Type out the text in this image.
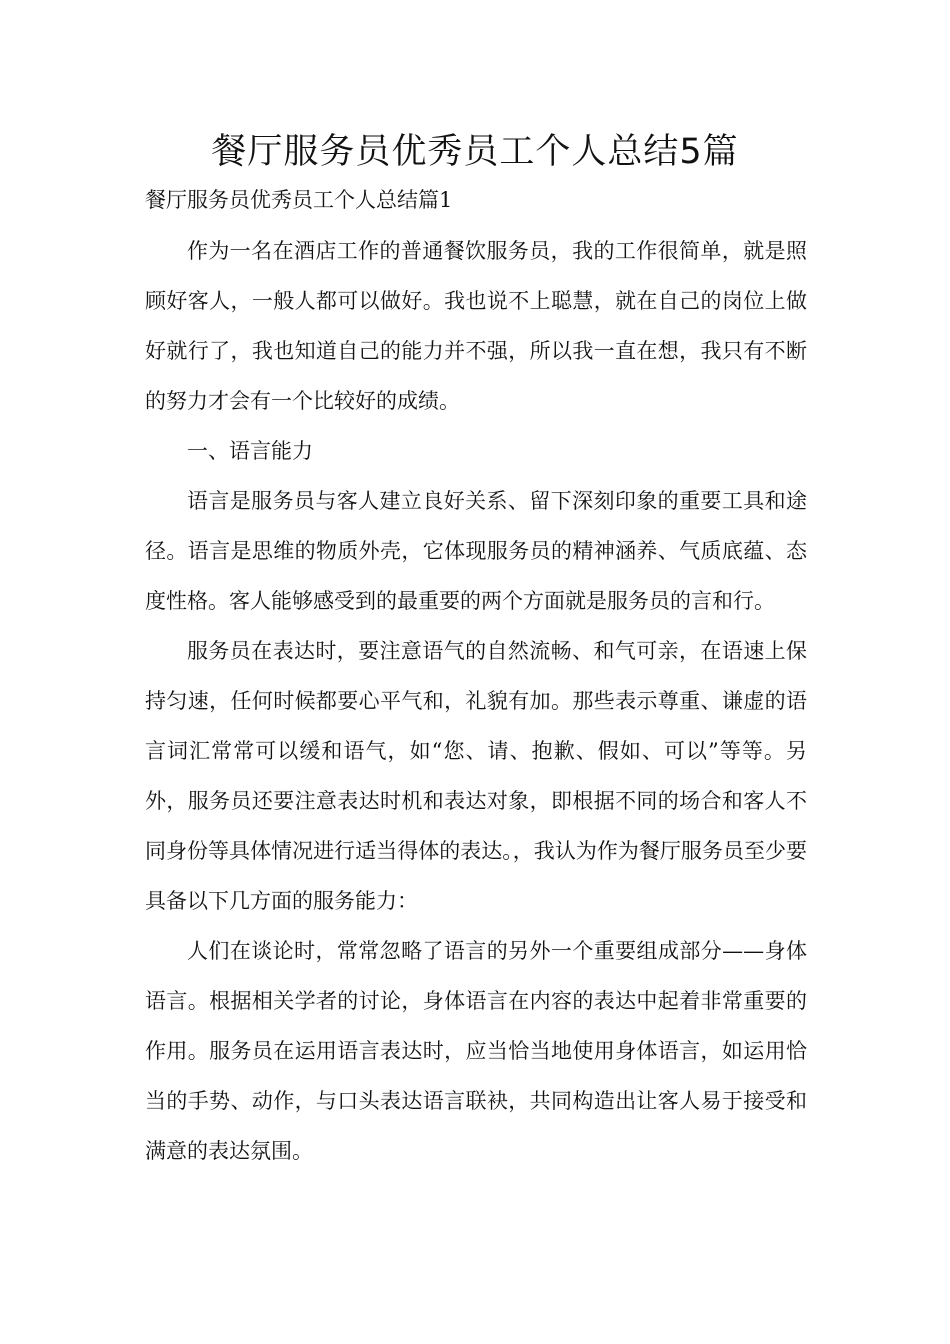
餐厅服务员优秀员工个人总结5篇
餐厅服务员优秀员工个人总结篇1

作为一名在酒店工作的普通餐饮服务员，我的工作很简单，就是照顾好客人，一般人都可以做好。我也说不上聪慧，就在自己的岗位上做好就行了，我也知道自己的能力并不强，所以我一直在想，我只有不断的努力才会有一个比较好的成绩。

一、语言能力

语言是服务员与客人建立良好关系、留下深刻印象的重要工具和途径。语言是思维的物质外壳，它体现服务员的精神涵养、气质底蕴、态度性格。客人能够感受到的最重要的两个方面就是服务员的言和行。

服务员在表达时，要注意语气的自然流畅、和气可亲，在语速上保持匀速，任何时候都要心平气和，礼貌有加。那些表示尊重、谦虚的语言词汇常常可以缓和语气，如“您、请、抱歉、假如、可以”等等。另外，服务员还要注意表达时机和表达对象，即根据不同的场合和客人不同身份等具体情况进行适当得体的表达。，我认为作为餐厅服务员至少要具备以下几方面的服务能力：

人们在谈论时，常常忽略了语言的另外一个重要组成部分——身体语言。根据相关学者的讨论，身体语言在内容的表达中起着非常重要的作用。服务员在运用语言表达时，应当恰当地使用身体语言，如运用恰当的手势、动作，与口头表达语言联袂，共同构造出让客人易于接受和满意的表达氛围。
